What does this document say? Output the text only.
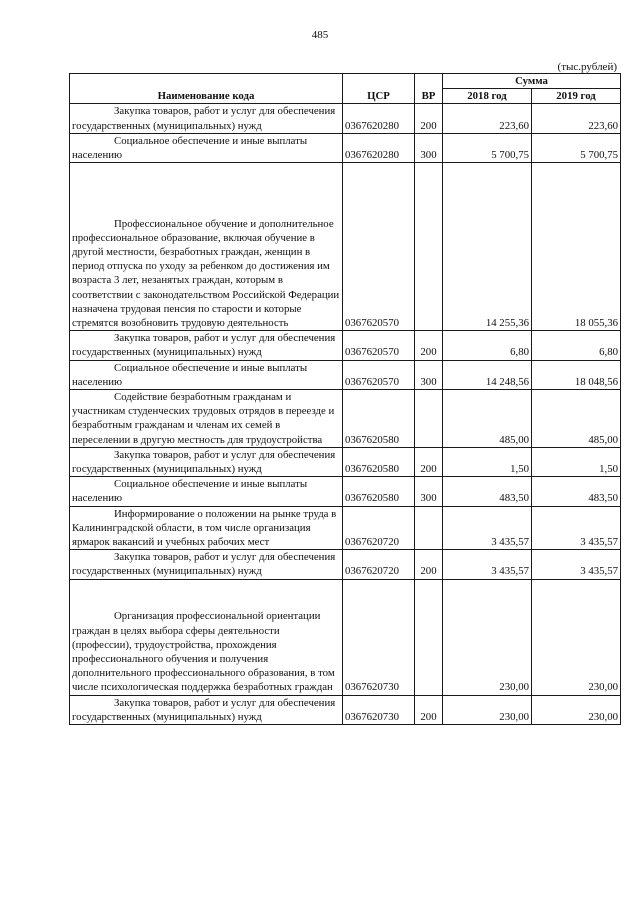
485
(тыс.рублей)
Наименование кода	ЦСР	ВР	Сумма	
			2018 год	2019 год
Закупка товаров, работ и услуг для обеспечения государственных (муниципальных) нужд	0367620280	200	223,60	223,60
Социальное обеспечение и иные выплаты населению	0367620280	300	5 700,75	5 700,75
Профессиональное обучение и дополнительное профессиональное образование, включая обучение в другой местности, безработных граждан, женщин в период отпуска по уходу за ребенком до достижения им возраста 3 лет, незанятых граждан, которым в соответствии с законодательством Российской Федерации назначена трудовая пенсия по старости и которые стремятся возобновить трудовую деятельность	0367620570		14 255,36	18 055,36
Закупка товаров, работ и услуг для обеспечения государственных (муниципальных) нужд	0367620570	200	6,80	6,80
Социальное обеспечение и иные выплаты населению	0367620570	300	14 248,56	18 048,56
Содействие безработным гражданам и участникам студенческих трудовых отрядов в переезде и безработным гражданам и членам их семей в переселении в другую местность для трудоустройства	0367620580		485,00	485,00
Закупка товаров, работ и услуг для обеспечения государственных (муниципальных) нужд	0367620580	200	1,50	1,50
Социальное обеспечение и иные выплаты населению	0367620580	300	483,50	483,50
Информирование о положении на рынке труда в Калининградской области, в том числе организация ярмарок вакансий и учебных рабочих мест	0367620720		3 435,57	3 435,57
Закупка товаров, работ и услуг для обеспечения государственных (муниципальных) нужд	0367620720	200	3 435,57	3 435,57
Организация профессиональной ориентации граждан в целях выбора сферы деятельности (профессии), трудоустройства, прохождения профессионального обучения и получения дополнительного профессионального образования, в том числе психологическая поддержка безработных граждан	0367620730		230,00	230,00
Закупка товаров, работ и услуг для обеспечения государственных (муниципальных) нужд	0367620730	200	230,00	230,00
